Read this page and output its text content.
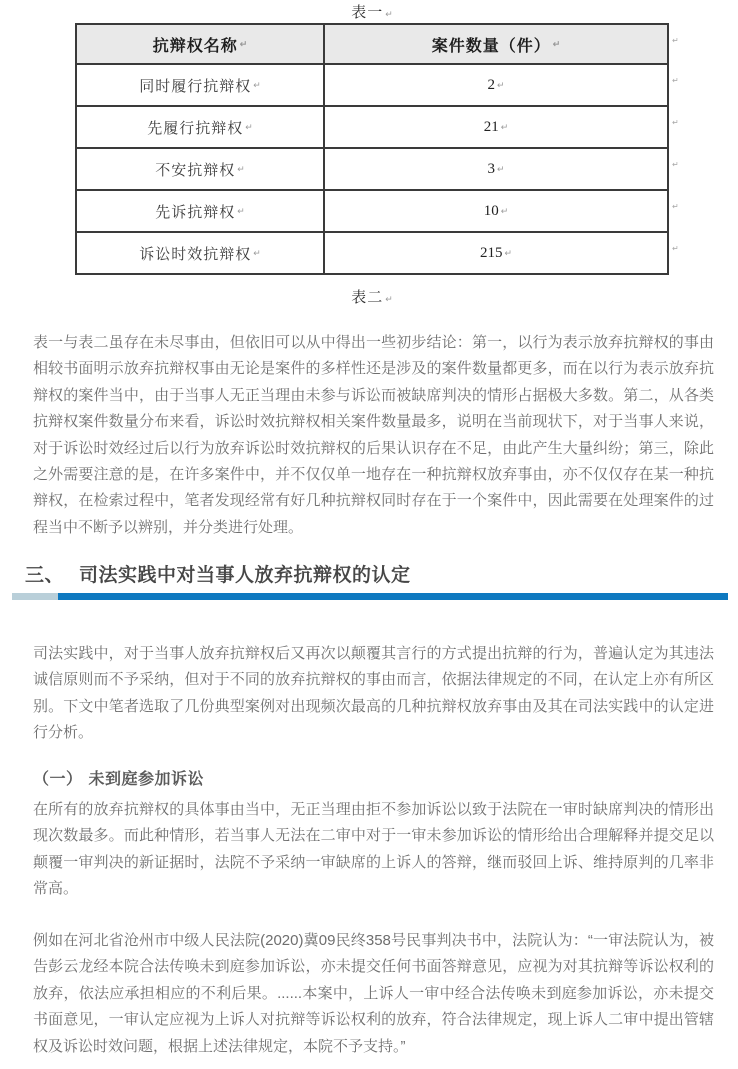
表一 ↵
抗辩权名称 ↵	案件数量（件） ↵
同时履行抗辩权 ↵	2 ↵
先履行抗辩权 ↵	21 ↵
不安抗辩权 ↵	3 ↵
先诉抗辩权 ↵	10 ↵
诉讼时效抗辩权 ↵	215 ↵
↵
↵
↵
↵
↵
↵
表二 ↵
表一与表二虽存在未尽事由，但依旧可以从中得出一些初步结论：第一，以行为表示放弃抗辩权的事由相较书面明示放弃抗辩权事由无论是案件的多样性还是涉及的案件数量都更多，而在以行为表示放弃抗辩权的案件当中，由于当事人无正当理由未参与诉讼而被缺席判决的情形占据极大多数。第二，从各类抗辩权案件数量分布来看，诉讼时效抗辩权相关案件数量最多，说明在当前现状下，对于当事人来说，对于诉讼时效经过后以行为放弃诉讼时效抗辩权的后果认识存在不足，由此产生大量纠纷；第三，除此之外需要注意的是，在许多案件中，并不仅仅单一地存在一种抗辩权放弃事由，亦不仅仅存在某一种抗辩权，在检索过程中，笔者发现经常有好几种抗辩权同时存在于一个案件中，因此需要在处理案件的过程当中不断予以辨别，并分类进行处理。
三、 司法实践中对当事人放弃抗辩权的认定
司法实践中，对于当事人放弃抗辩权后又再次以颠覆其言行的方式提出抗辩的行为，普遍认定为其违法诚信原则而不予采纳，但对于不同的放弃抗辩权的事由而言，依据法律规定的不同，在认定上亦有所区别。下文中笔者选取了几份典型案例对出现频次最高的几种抗辩权放弃事由及其在司法实践中的认定进行分析。
（一） 未到庭参加诉讼
在所有的放弃抗辩权的具体事由当中，无正当理由拒不参加诉讼以致于法院在一审时缺席判决的情形出现次数最多。而此种情形，若当事人无法在二审中对于一审未参加诉讼的情形给出合理解释并提交足以颠覆一审判决的新证据时，法院不予采纳一审缺席的上诉人的答辩，继而驳回上诉、维持原判的几率非常高。
例如在河北省沧州市中级人民法院(2020)冀09民终358号民事判决书中，法院认为：“一审法院认为，被告彭云龙经本院合法传唤未到庭参加诉讼，亦未提交任何书面答辩意见，应视为对其抗辩等诉讼权利的放弃，依法应承担相应的不利后果。......本案中，上诉人一审中经合法传唤未到庭参加诉讼，亦未提交书面意见，一审认定应视为上诉人对抗辩等诉讼权利的放弃，符合法律规定，现上诉人二审中提出管辖权及诉讼时效问题，根据上述法律规定，本院不予支持。”
